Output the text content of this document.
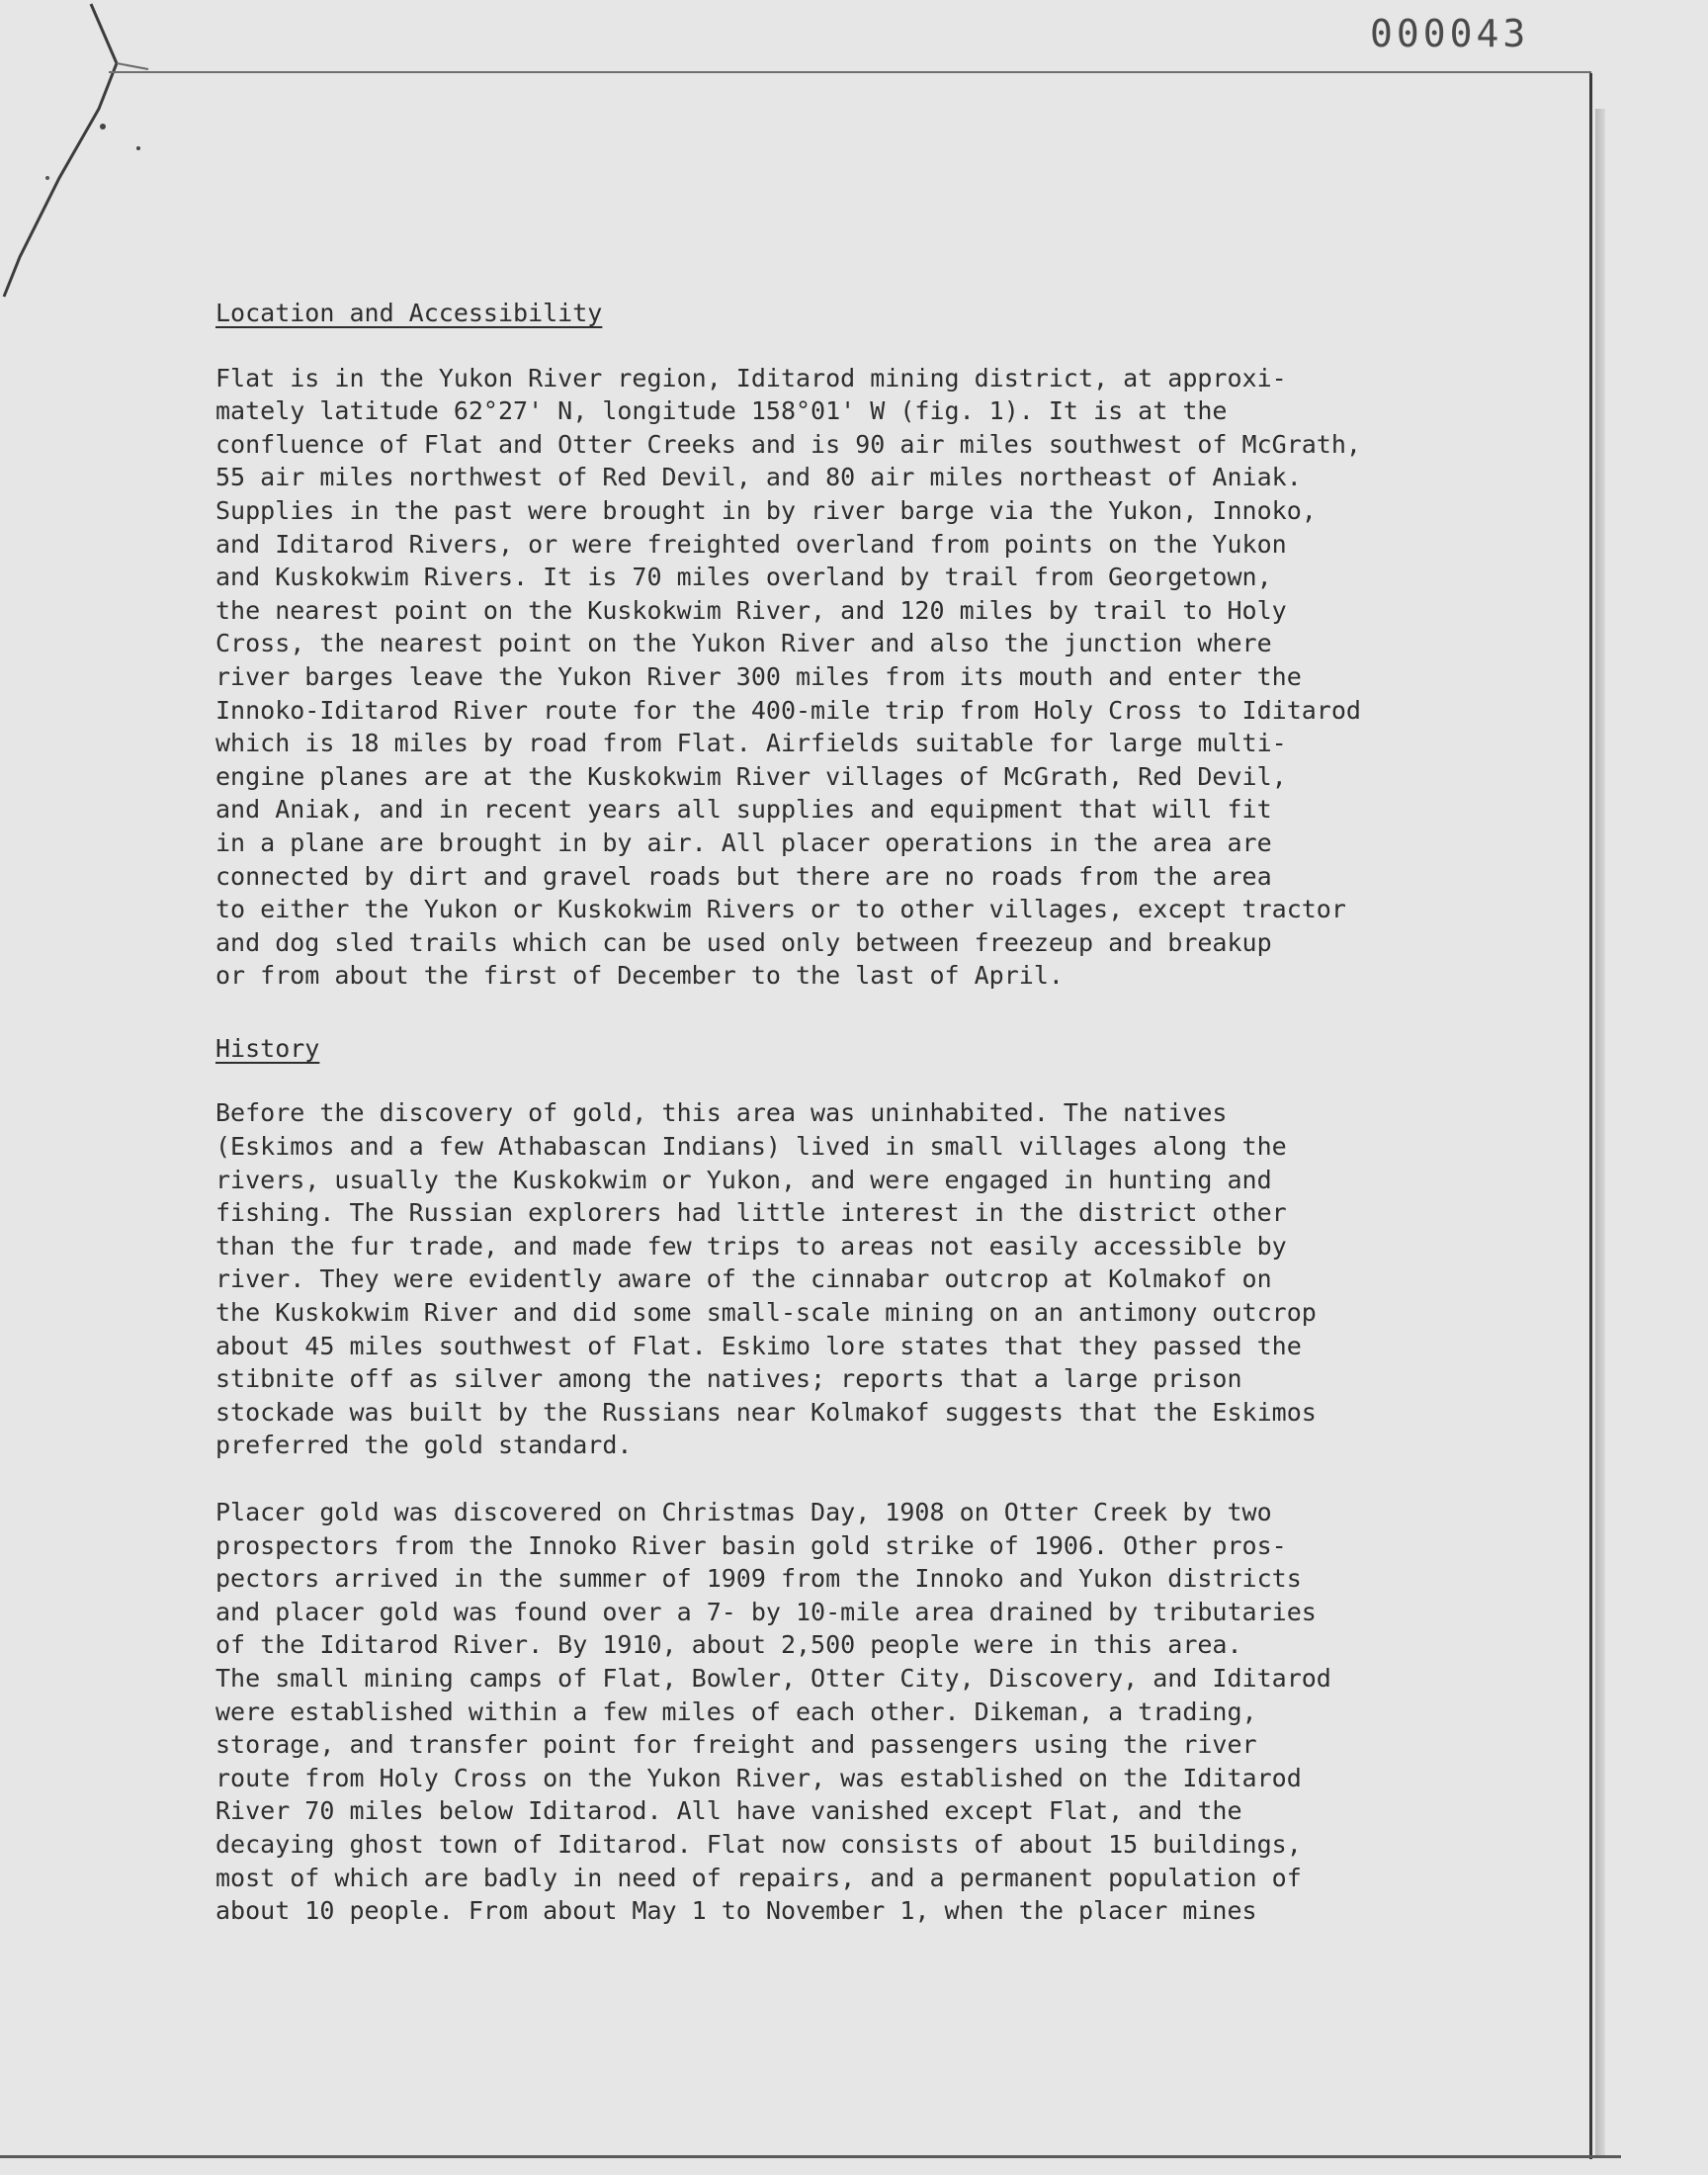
000043

Location and Accessibility

Flat is in the Yukon River region, Iditarod mining district, at approxi-
mately latitude 62°27' N, longitude 158°01' W (fig. 1). It is at the
confluence of Flat and Otter Creeks and is 90 air miles southwest of McGrath,
55 air miles northwest of Red Devil, and 80 air miles northeast of Aniak.
Supplies in the past were brought in by river barge via the Yukon, Innoko,
and Iditarod Rivers, or were freighted overland from points on the Yukon
and Kuskokwim Rivers. It is 70 miles overland by trail from Georgetown,
the nearest point on the Kuskokwim River, and 120 miles by trail to Holy
Cross, the nearest point on the Yukon River and also the junction where
river barges leave the Yukon River 300 miles from its mouth and enter the
Innoko-Iditarod River route for the 400-mile trip from Holy Cross to Iditarod
which is 18 miles by road from Flat. Airfields suitable for large multi-
engine planes are at the Kuskokwim River villages of McGrath, Red Devil,
and Aniak, and in recent years all supplies and equipment that will fit
in a plane are brought in by air. All placer operations in the area are
connected by dirt and gravel roads but there are no roads from the area
to either the Yukon or Kuskokwim Rivers or to other villages, except tractor
and dog sled trails which can be used only between freezeup and breakup
or from about the first of December to the last of April.

History

Before the discovery of gold, this area was uninhabited. The natives
(Eskimos and a few Athabascan Indians) lived in small villages along the
rivers, usually the Kuskokwim or Yukon, and were engaged in hunting and
fishing. The Russian explorers had little interest in the district other
than the fur trade, and made few trips to areas not easily accessible by
river. They were evidently aware of the cinnabar outcrop at Kolmakof on
the Kuskokwim River and did some small-scale mining on an antimony outcrop
about 45 miles southwest of Flat. Eskimo lore states that they passed the
stibnite off as silver among the natives; reports that a large prison
stockade was built by the Russians near Kolmakof suggests that the Eskimos
preferred the gold standard.

Placer gold was discovered on Christmas Day, 1908 on Otter Creek by two
prospectors from the Innoko River basin gold strike of 1906. Other pros-
pectors arrived in the summer of 1909 from the Innoko and Yukon districts
and placer gold was found over a 7- by 10-mile area drained by tributaries
of the Iditarod River. By 1910, about 2,500 people were in this area.
The small mining camps of Flat, Bowler, Otter City, Discovery, and Iditarod
were established within a few miles of each other. Dikeman, a trading,
storage, and transfer point for freight and passengers using the river
route from Holy Cross on the Yukon River, was established on the Iditarod
River 70 miles below Iditarod. All have vanished except Flat, and the
decaying ghost town of Iditarod. Flat now consists of about 15 buildings,
most of which are badly in need of repairs, and a permanent population of
about 10 people. From about May 1 to November 1, when the placer mines
